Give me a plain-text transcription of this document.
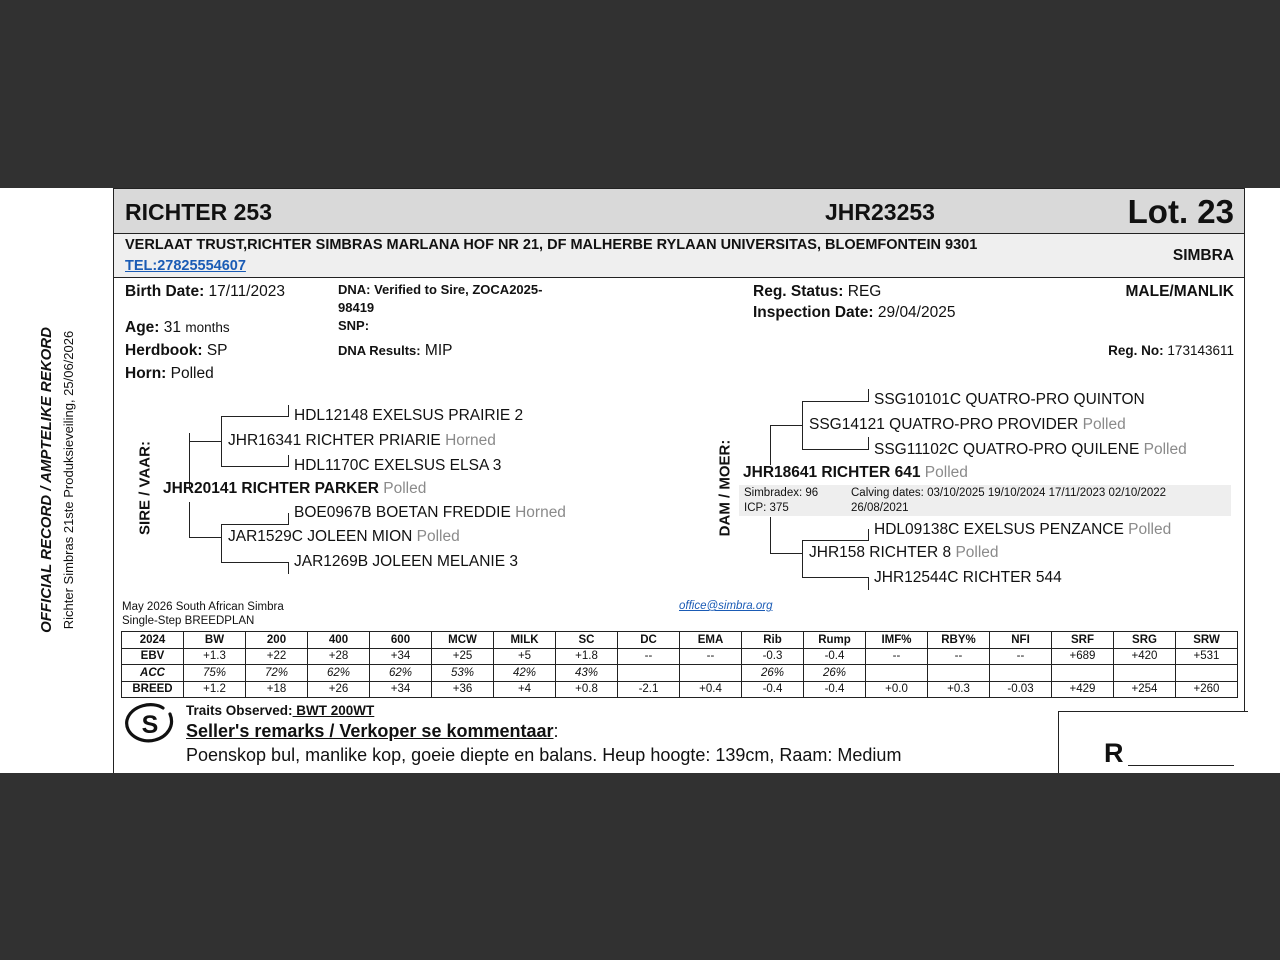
OFFICIAL RECORD / AMPTELIKE REKORD Richter Simbras 21ste Produksieveiling, 25/06/2026
RICHTER 253	JHR23253	Lot. 23
VERLAAT TRUST,RICHTER SIMBRAS MARLANA HOF NR 21, DF MALHERBE RYLAAN UNIVERSITAS, BLOEMFONTEIN 9301
TEL:27825554607
SIMBRA
Birth Date: 17/11/2023
Age: 31 months
Herdbook: SP
Horn: Polled
DNA: Verified to Sire, ZOCA2025-98419
SNP:
DNA Results: MIP
Reg. Status: REG
Inspection Date: 29/04/2025
MALE/MANLIK
Reg. No: 173143611
SIRE / VAAR:
HDL12148 EXELSUS PRAIRIE 2
JHR16341 RICHTER PRIARIE Horned
HDL1170C EXELSUS ELSA 3
JHR20141 RICHTER PARKER Polled
BOE0967B BOETAN FREDDIE Horned
JAR1529C JOLEEN MION Polled
JAR1269B JOLEEN MELANIE 3
DAM / MOER:
SSG10101C QUATRO-PRO QUINTON
SSG14121 QUATRO-PRO PROVIDER Polled
SSG11102C QUATRO-PRO QUILENE Polled
JHR18641 RICHTER 641 Polled
Simbradex: 96
ICP: 375
Calving dates: 03/10/2025 19/10/2024 17/11/2023 02/10/2022 26/08/2021
HDL09138C EXELSUS PENZANCE Polled
JHR158 RICHTER 8 Polled
JHR12544C RICHTER 544
May 2026 South African Simbra
Single-Step BREEDPLAN
office@simbra.org
2024	BW	200	400	600	MCW	MILK	SC	DC	EMA	Rib	Rump	IMF%	RBY%	NFI	SRF	SRG	SRW
EBV	+1.3	+22	+28	+34	+25	+5	+1.8	--	--	-0.3	-0.4	--	--	--	+689	+420	+531
ACC	75%	72%	62%	62%	53%	42%	43%			26%	26%						
BREED	+1.2	+18	+26	+34	+36	+4	+0.8	-2.1	+0.4	-0.4	-0.4	+0.0	+0.3	-0.03	+429	+254	+260
S
Traits Observed: BWT 200WT
Seller's remarks / Verkoper se kommentaar:
Poenskop bul, manlike kop, goeie diepte en balans. Heup hoogte: 139cm, Raam: Medium	R
